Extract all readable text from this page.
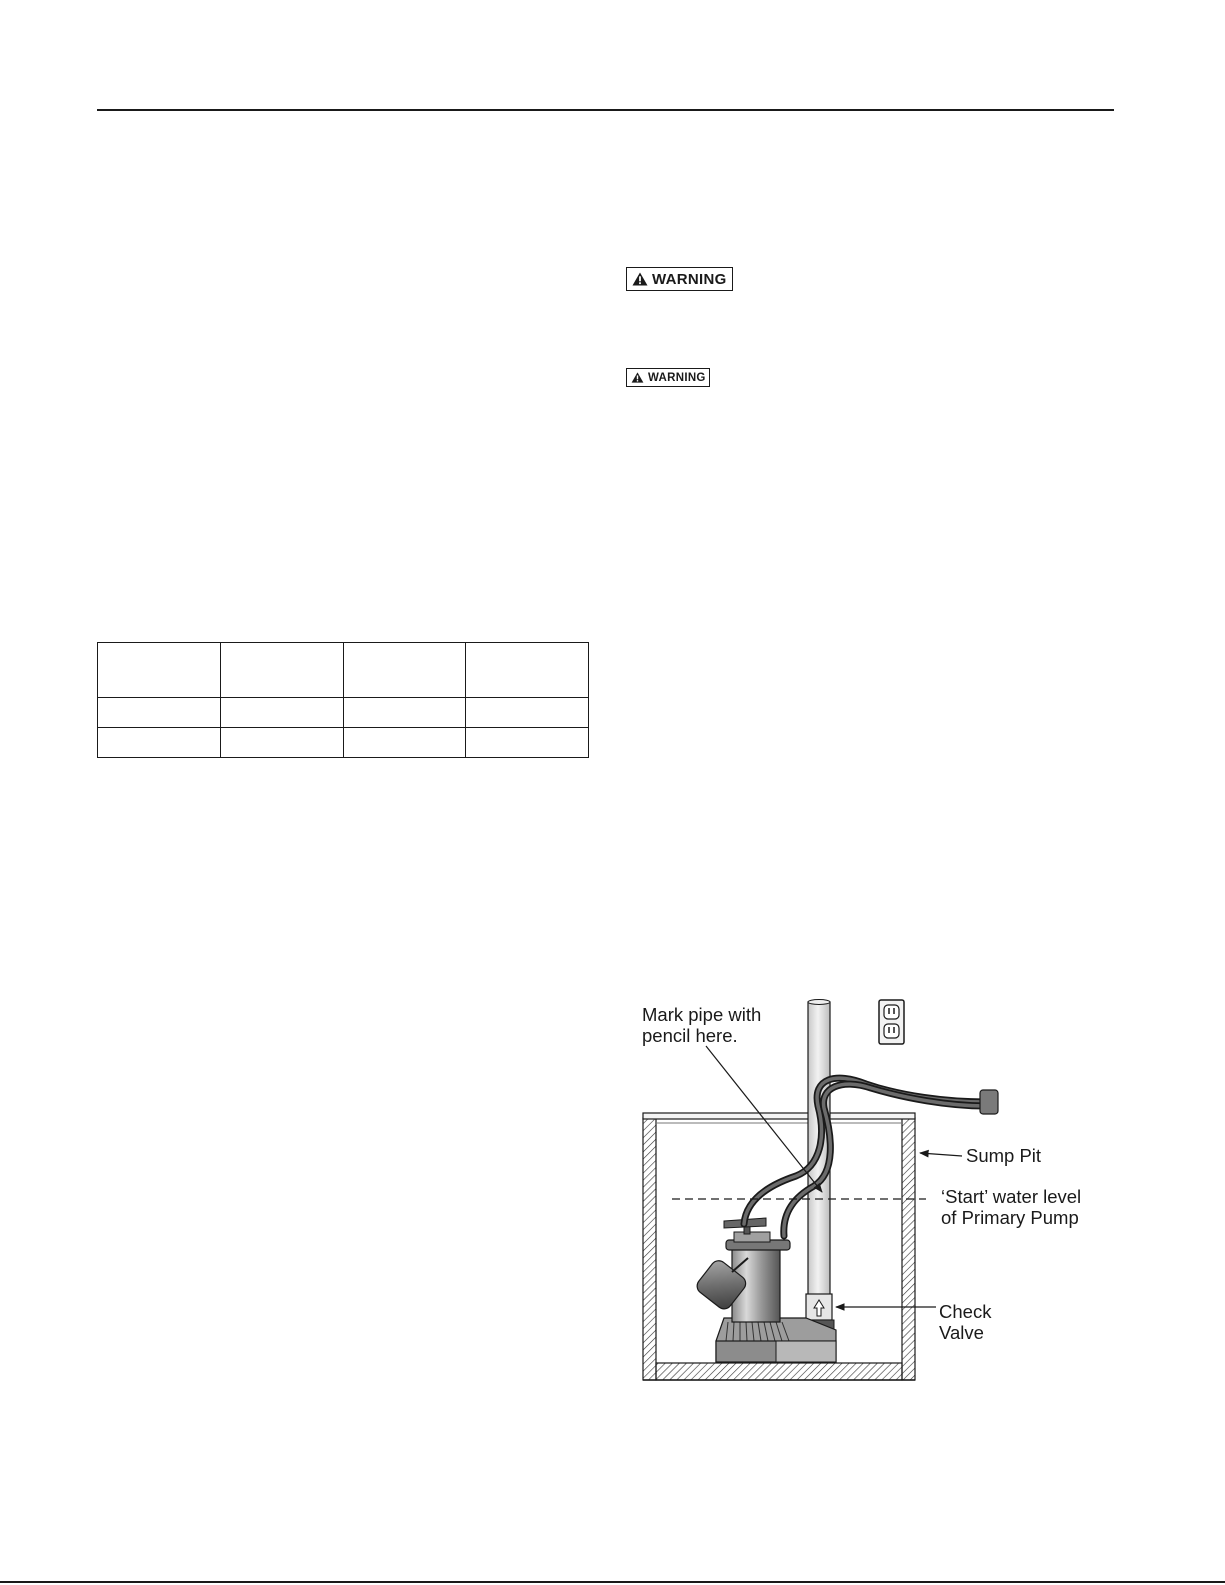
WARNING
WARNING

Mark pipe with
pencil here.
Sump Pit
‘Start’ water level
of Primary Pump
Check
Valve
